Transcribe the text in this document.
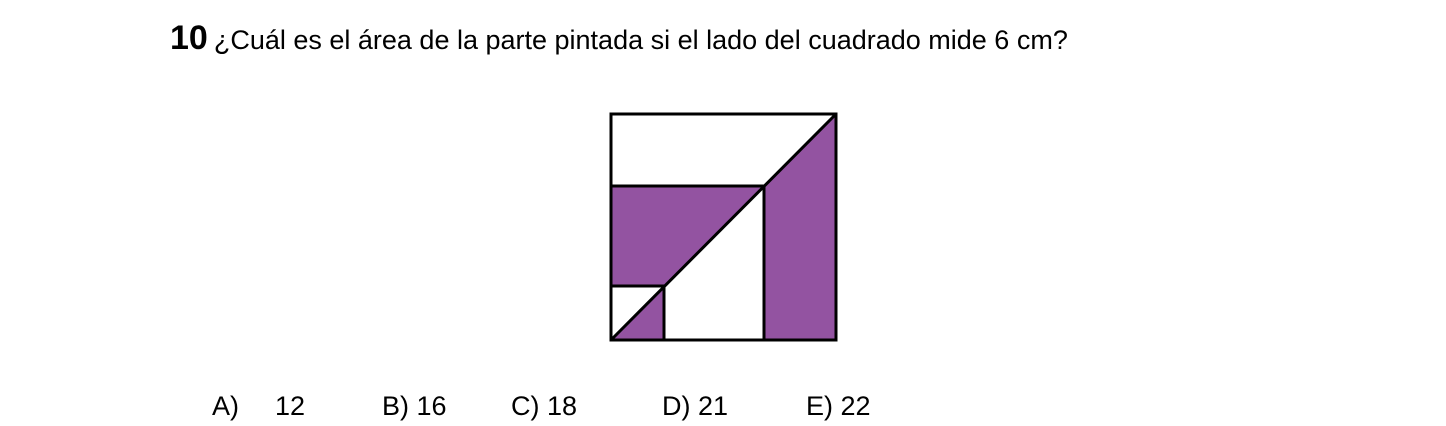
10 ¿Cuál es el área de la parte pintada si el lado del cuadrado mide 6 cm?
A) 12	B) 16 C) 18	D) 21	E) 22
